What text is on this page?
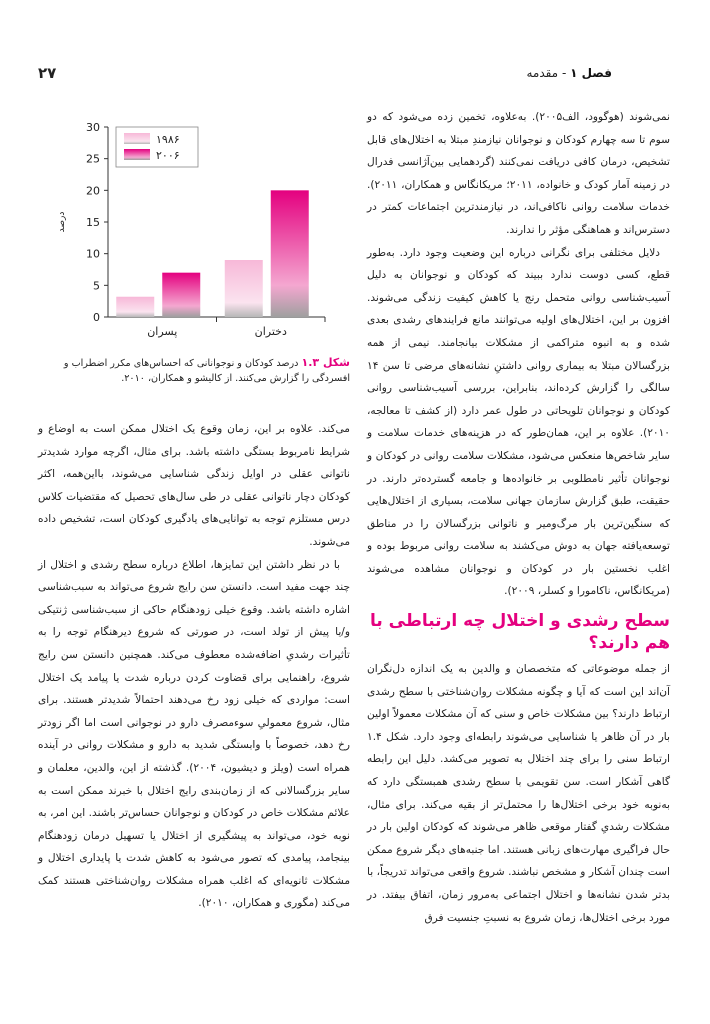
فصل ۱ - مقدمه
۲۷

نمی‌شوند (هوگوود، الف۲۰۰۵). به‌علاوه، تخمین زده می‌شود که دو سوم تا سه چهارم کودکان و نوجوانان نیازمندِ مبتلا به اختلال‌های قابل تشخیص، درمان کافی دریافت نمی‌کنند (گردهمایی بین‌آژانسی فدرال در زمینه آمار کودک و خانواده، ۲۰۱۱؛ مریکانگاس و همکاران، ۲۰۱۱). خدمات سلامت روانی ناکافی‌اند، در نیازمندترین اجتماعات کمتر در دسترس‌اند و هماهنگی مؤثر را ندارند.

دلایل مختلفی برای نگرانی درباره این وضعیت وجود دارد. به‌طور قطع، کسی دوست ندارد ببیند که کودکان و نوجوانان به دلیل آسیب‌شناسی روانی متحمل رنج یا کاهش کیفیت زندگی می‌شوند. افزون بر این، اختلال‌های اولیه می‌توانند مانع فرایندهای رشدی بعدی شده و به انبوه متراکمی از مشکلات بیانجامند. نیمی از همه بزرگسالان مبتلا به بیماری روانی داشتنِ نشانه‌های مرضی تا سن ۱۴ سالگی را گزارش کرده‌اند، بنابراین، بررسی آسیب‌شناسی روانی کودکان و نوجوانان تلویحاتی در طول عمر دارد (از کشف تا معالجه، ۲۰۱۰). علاوه بر این، همان‌طور که در هزینه‌های خدمات سلامت و سایر شاخص‌ها منعکس می‌شود، مشکلات سلامت روانی در کودکان و نوجوانان تأثیر نامطلوبی بر خانواده‌ها و جامعه گسترده‌تر دارند. در حقیقت، طبق گزارش سازمان جهانی سلامت، بسیاری از اختلال‌هایی که سنگین‌ترین بار مرگ‌ومیر و ناتوانی بزرگسالان را در مناطق توسعه‌یافته جهان به دوش می‌کشند به سلامت روانی مربوط بوده و اغلب نخستین بار در کودکان و نوجوانان مشاهده می‌شوند (مریکانگاس، ناکامورا و کسلر، ۲۰۰۹).

سطح رشدی و اختلال چه ارتباطی با هم دارند؟

از جمله موضوعاتی که متخصصان و والدین به یک اندازه دل‌نگران آن‌اند این است که آیا و چگونه مشکلات روان‌شناختی با سطح رشدی ارتباط دارند؟ بین مشکلات خاص و سنی که آن مشکلات معمولاً اولین بار در آن ظاهر یا شناسایی می‌شوند رابطه‌ای وجود دارد. شکل ۱.۴ ارتباط سنی را برای چند اختلال به تصویر می‌کشد. دلیل این رابطه گاهی آشکار است. سن تقویمی با سطح رشدی همبستگی دارد که به‌نوبه خود برخی اختلال‌ها را محتمل‌تر از بقیه می‌کند. برای مثال، مشکلات رشدیِ گفتار موقعی ظاهر می‌شوند که کودکان اولین بار در حال فراگیری مهارت‌های زبانی هستند. اما جنبه‌های دیگر شروع ممکن است چندان آشکار و مشخص نباشند. شروع واقعی می‌تواند تدریجاً، با بدتر شدن نشانه‌ها و اختلال اجتماعی به‌مرور زمان، اتفاق بیفتد. در مورد برخی اختلال‌ها، زمان شروع به نسبتِ جنسیت فرق

0
5
10
15
20
25
30
درصد
پسران	دختران
۱۹۸۶
۲۰۰۶
شکل ۱.۳ درصد کودکان و نوجوانانی که احساس‌های مکرر اضطراب و افسردگی را گزارش می‌کنند. از کالیشو و همکاران، ۲۰۱۰.

می‌کند. علاوه بر این، زمان وقوع یک اختلال ممکن است به اوضاع و شرایط نامربوط بستگی داشته باشد. برای مثال، اگرچه موارد شدیدتر ناتوانی عقلی در اوایل زندگی شناسایی می‌شوند، بااین‌همه، اکثر کودکان دچار ناتوانی عقلی در طی سال‌های تحصیل که مقتضیات کلاس درس مستلزم توجه به توانایی‌های یادگیری کودکان است، تشخیص داده می‌شوند.

با در نظر داشتن این تمایزها، اطلاع درباره سطح رشدی و اختلال از چند جهت مفید است. دانستن سن رایج شروع می‌تواند به سبب‌شناسی اشاره داشته باشد. وقوع خیلی زودهنگام حاکی از سبب‌شناسی ژنتیکی و/یا پیش از تولد است، در صورتی که شروع دیرهنگام توجه را به تأثیرات رشدیِ اضافه‌شده معطوف می‌کند. همچنین دانستن سن رایج شروع، راهنمایی برای قضاوت کردن درباره شدت یا پیامد یک اختلال است: مواردی که خیلی زود رخ می‌دهند احتمالاً شدیدتر هستند. برای مثال، شروع معمولیِ سوءمصرف دارو در نوجوانی است اما اگر زودتر رخ دهد، خصوصاً با وابستگی شدید به دارو و مشکلات روانی در آینده همراه است (ویلز و دیشیون، ۲۰۰۴). گذشته از این، والدین، معلمان و سایر بزرگسالانی که از زمان‌بندی رایج اختلال با خبرند ممکن است به علائم مشکلات خاص در کودکان و نوجوانان حساس‌تر باشند. این امر، به نوبه خود، می‌تواند به پیشگیری از اختلال یا تسهیل درمان زودهنگام بینجامد، پیامدی که تصور می‌شود به کاهش شدت یا پایداری اختلال و مشکلات ثانویه‌ای که اغلب همراه مشکلات روان‌شناختی هستند کمک می‌کند (مگوری و همکاران، ۲۰۱۰).
